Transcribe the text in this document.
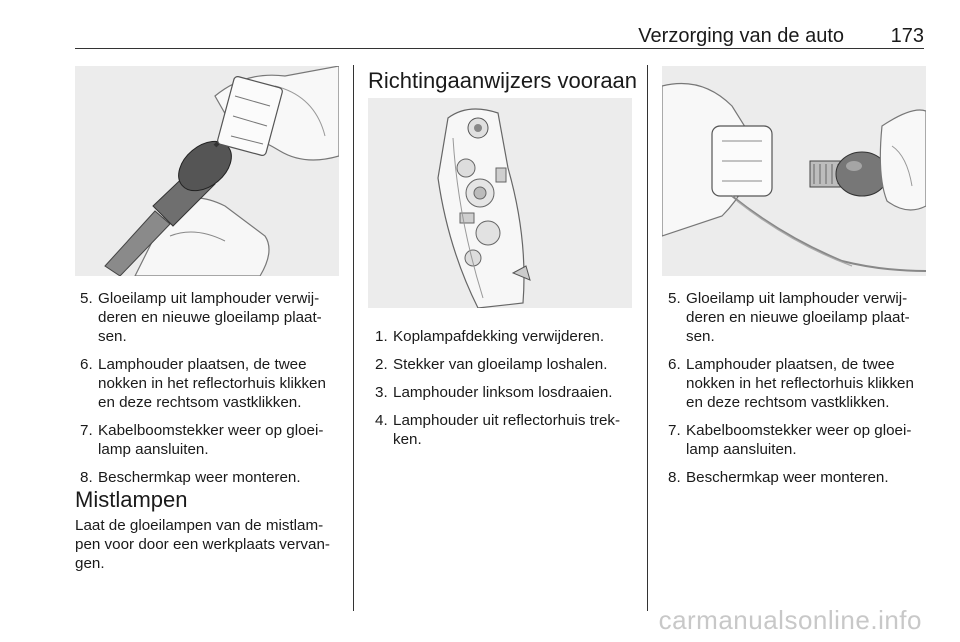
Verzorging van de auto 173
5. Gloeilamp uit lamphouder verwij-deren en nieuwe gloeilamp plaat-sen.
6. Lamphouder plaatsen, de twee nokken in het reflectorhuis klikken en deze rechtsom vastklikken.
7. Kabelboomstekker weer op gloei-lamp aansluiten.
8. Beschermkap weer monteren.
Mistlampen

Laat de gloeilampen van de mistlam-pen voor door een werkplaats vervan-gen.

Richtingaanwijzers vooraan
1. Koplampafdekking verwijderen.
2. Stekker van gloeilamp loshalen.
3. Lamphouder linksom losdraaien.
4. Lamphouder uit reflectorhuis trek-ken.
5. Gloeilamp uit lamphouder verwij-deren en nieuwe gloeilamp plaat-sen.
6. Lamphouder plaatsen, de twee nokken in het reflectorhuis klikken en deze rechtsom vastklikken.
7. Kabelboomstekker weer op gloei-lamp aansluiten.
8. Beschermkap weer monteren.
carmanualsonline.info
